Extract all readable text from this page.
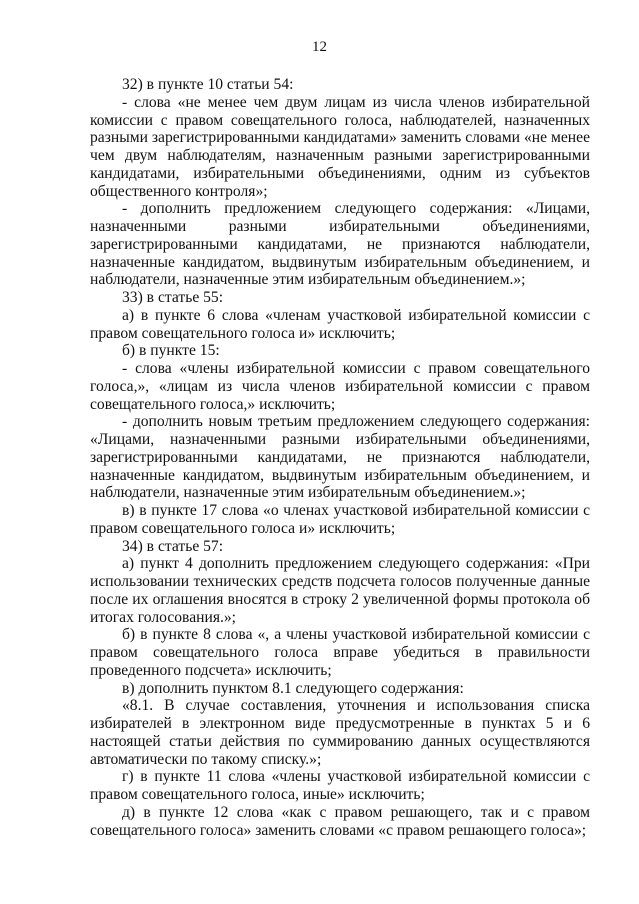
12

32) в пункте 10 статьи 54:

- слова «не менее чем двум лицам из числа членов избирательной комиссии с правом совещательного голоса, наблюдателей, назначенных разными зарегистрированными кандидатами» заменить словами «не менее чем двум наблюдателям, назначенным разными зарегистрированными кандидатами, избирательными объединениями, одним из субъектов общественного контроля»;

- дополнить предложением следующего содержания: «Лицами, назначенными разными избирательными объединениями, зарегистрированными кандидатами, не признаются наблюдатели, назначенные кандидатом, выдвинутым избирательным объединением, и наблюдатели, назначенные этим избирательным объединением.»;

33) в статье 55:

а) в пункте 6 слова «членам участковой избирательной комиссии с правом совещательного голоса и» исключить;

б) в пункте 15:

- слова «члены избирательной комиссии с правом совещательного голоса,», «лицам из числа членов избирательной комиссии с правом совещательного голоса,» исключить;

- дополнить новым третьим предложением следующего содержания: «Лицами, назначенными разными избирательными объединениями, зарегистрированными кандидатами, не признаются наблюдатели, назначенные кандидатом, выдвинутым избирательным объединением, и наблюдатели, назначенные этим избирательным объединением.»;

в) в пункте 17 слова «о членах участковой избирательной комиссии с правом совещательного голоса и» исключить;

34) в статье 57:

а) пункт 4 дополнить предложением следующего содержания: «При использовании технических средств подсчета голосов полученные данные после их оглашения вносятся в строку 2 увеличенной формы протокола об итогах голосования.»;

б) в пункте 8 слова «, а члены участковой избирательной комиссии с правом совещательного голоса вправе убедиться в правильности проведенного подсчета» исключить;

в) дополнить пунктом 8.1 следующего содержания:

«8.1. В случае составления, уточнения и использования списка избирателей в электронном виде предусмотренные в пунктах 5 и 6 настоящей статьи действия по суммированию данных осуществляются автоматически по такому списку.»;

г) в пункте 11 слова «члены участковой избирательной комиссии с правом совещательного голоса, иные» исключить;

д) в пункте 12 слова «как с правом решающего, так и с правом совещательного голоса» заменить словами «с правом решающего голоса»;
